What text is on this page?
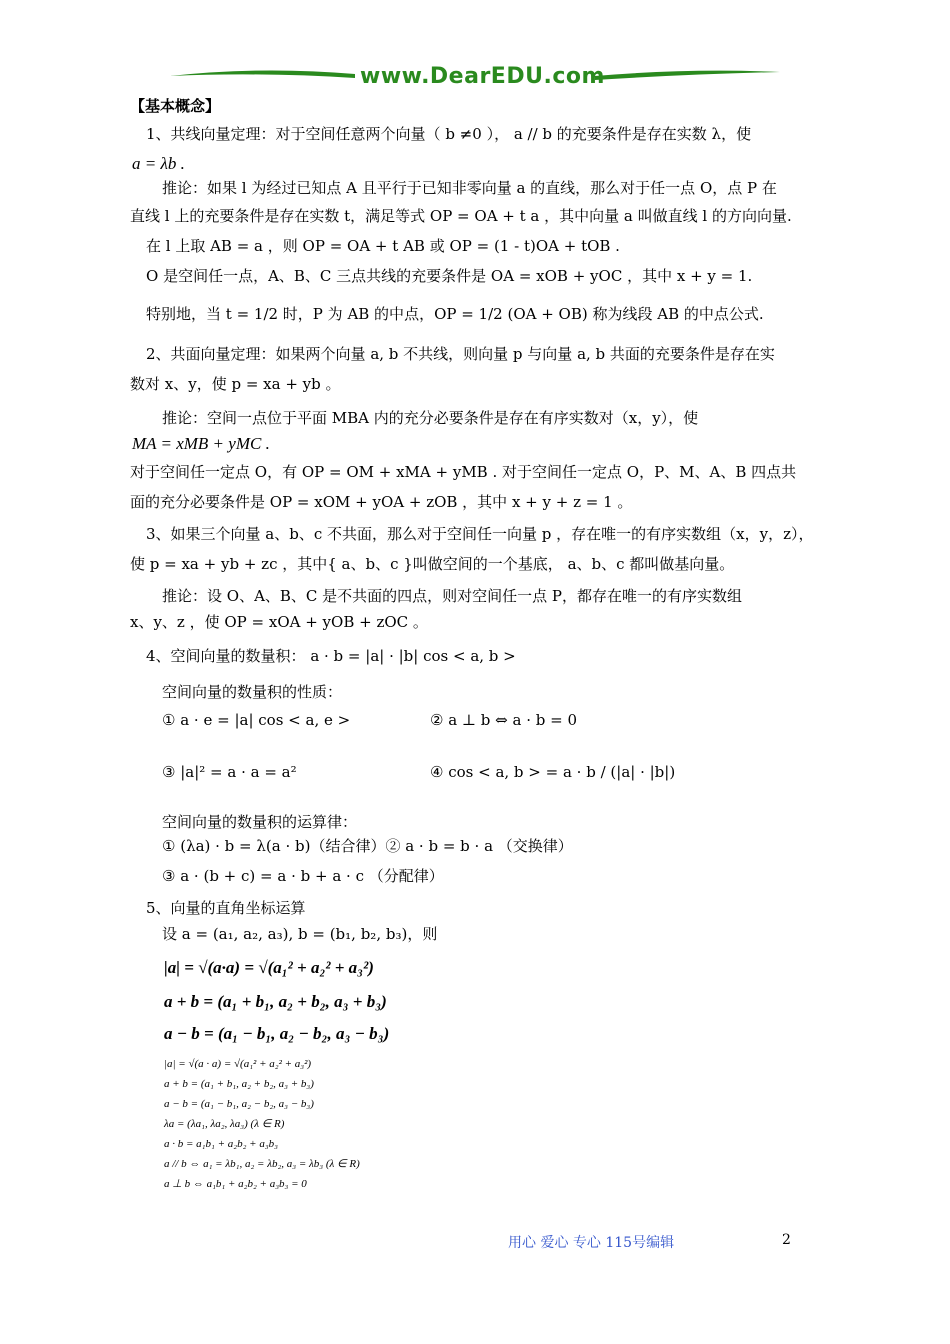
www.DearEDU.com
【基本概念】
1、共线向量定理：对于空间任意两个向量（ b ≠0 ）， a // b 的充要条件是存在实数 λ，使
a = λb .
推论：如果 l 为经过已知点 A 且平行于已知非零向量 a 的直线，那么对于任一点 O，点 P 在
直线 l 上的充要条件是存在实数 t，满足等式 OP = OA + t a ，其中向量 a 叫做直线 l 的方向向量.
在 l 上取 AB = a ，则 OP = OA + t AB 或 OP = (1 - t)OA + tOB .
O 是空间任一点，A、B、C 三点共线的充要条件是 OA = xOB + yOC ，其中 x + y = 1.
特别地，当 t = 1/2 时，P 为 AB 的中点，OP = 1/2 (OA + OB) 称为线段 AB 的中点公式.
2、共面向量定理：如果两个向量 a, b 不共线，则向量 p 与向量 a, b 共面的充要条件是存在实
数对 x、y，使 p = xa + yb 。
推论：空间一点位于平面 MBA 内的充分必要条件是存在有序实数对（x，y），使
MA = xMB + yMC .
对于空间任一定点 O，有 OP = OM + xMA + yMB . 对于空间任一定点 O，P、M、A、B 四点共
面的充分必要条件是 OP = xOM + yOA + zOB ，其中 x + y + z = 1 。
3、如果三个向量 a、b、c 不共面，那么对于空间任一向量 p ，存在唯一的有序实数组（x，y，z），
使 p = xa + yb + zc ，其中{ a、b、c }叫做空间的一个基底， a、b、c 都叫做基向量。
推论：设 O、A、B、C 是不共面的四点，则对空间任一点 P，都存在唯一的有序实数组
x、y、z ，使 OP = xOA + yOB + zOC 。
4、空间向量的数量积： a · b = |a| · |b| cos < a, b >
空间向量的数量积的性质：
① a · e = |a| cos < a, e >	② a ⊥ b ⇔ a · b = 0
③ |a|² = a · a = a²	④ cos < a, b > = a · b / (|a| · |b|)
空间向量的数量积的运算律：
① (λa) · b = λ(a · b)（结合律）② a · b = b · a （交换律）
③ a · (b + c) = a · b + a · c （分配律）
5、向量的直角坐标运算
设 a = (a₁, a₂, a₃), b = (b₁, b₂, b₃)，则
|a| = √(a·a) = √(a₁² + a₂² + a₃²)
a + b = (a₁ + b₁, a₂ + b₂, a₃ + b₃)
a − b = (a₁ − b₁, a₂ − b₂, a₃ − b₃)
|a| = √(a · a) = √(a₁² + a₂² + a₃²)
a + b = (a₁ + b₁, a₂ + b₂, a₃ + b₃)
a − b = (a₁ − b₁, a₂ − b₂, a₃ − b₃)
λa = (λa₁, λa₂, λa₃) (λ ∈ R)
a · b = a₁b₁ + a₂b₂ + a₃b₃
a // b ⇔ a₁ = λb₁, a₂ = λb₂, a₃ = λb₃ (λ ∈ R)
a ⊥ b ⇔ a₁b₁ + a₂b₂ + a₃b₃ = 0
用心 爱心 专心 115号编辑	2
